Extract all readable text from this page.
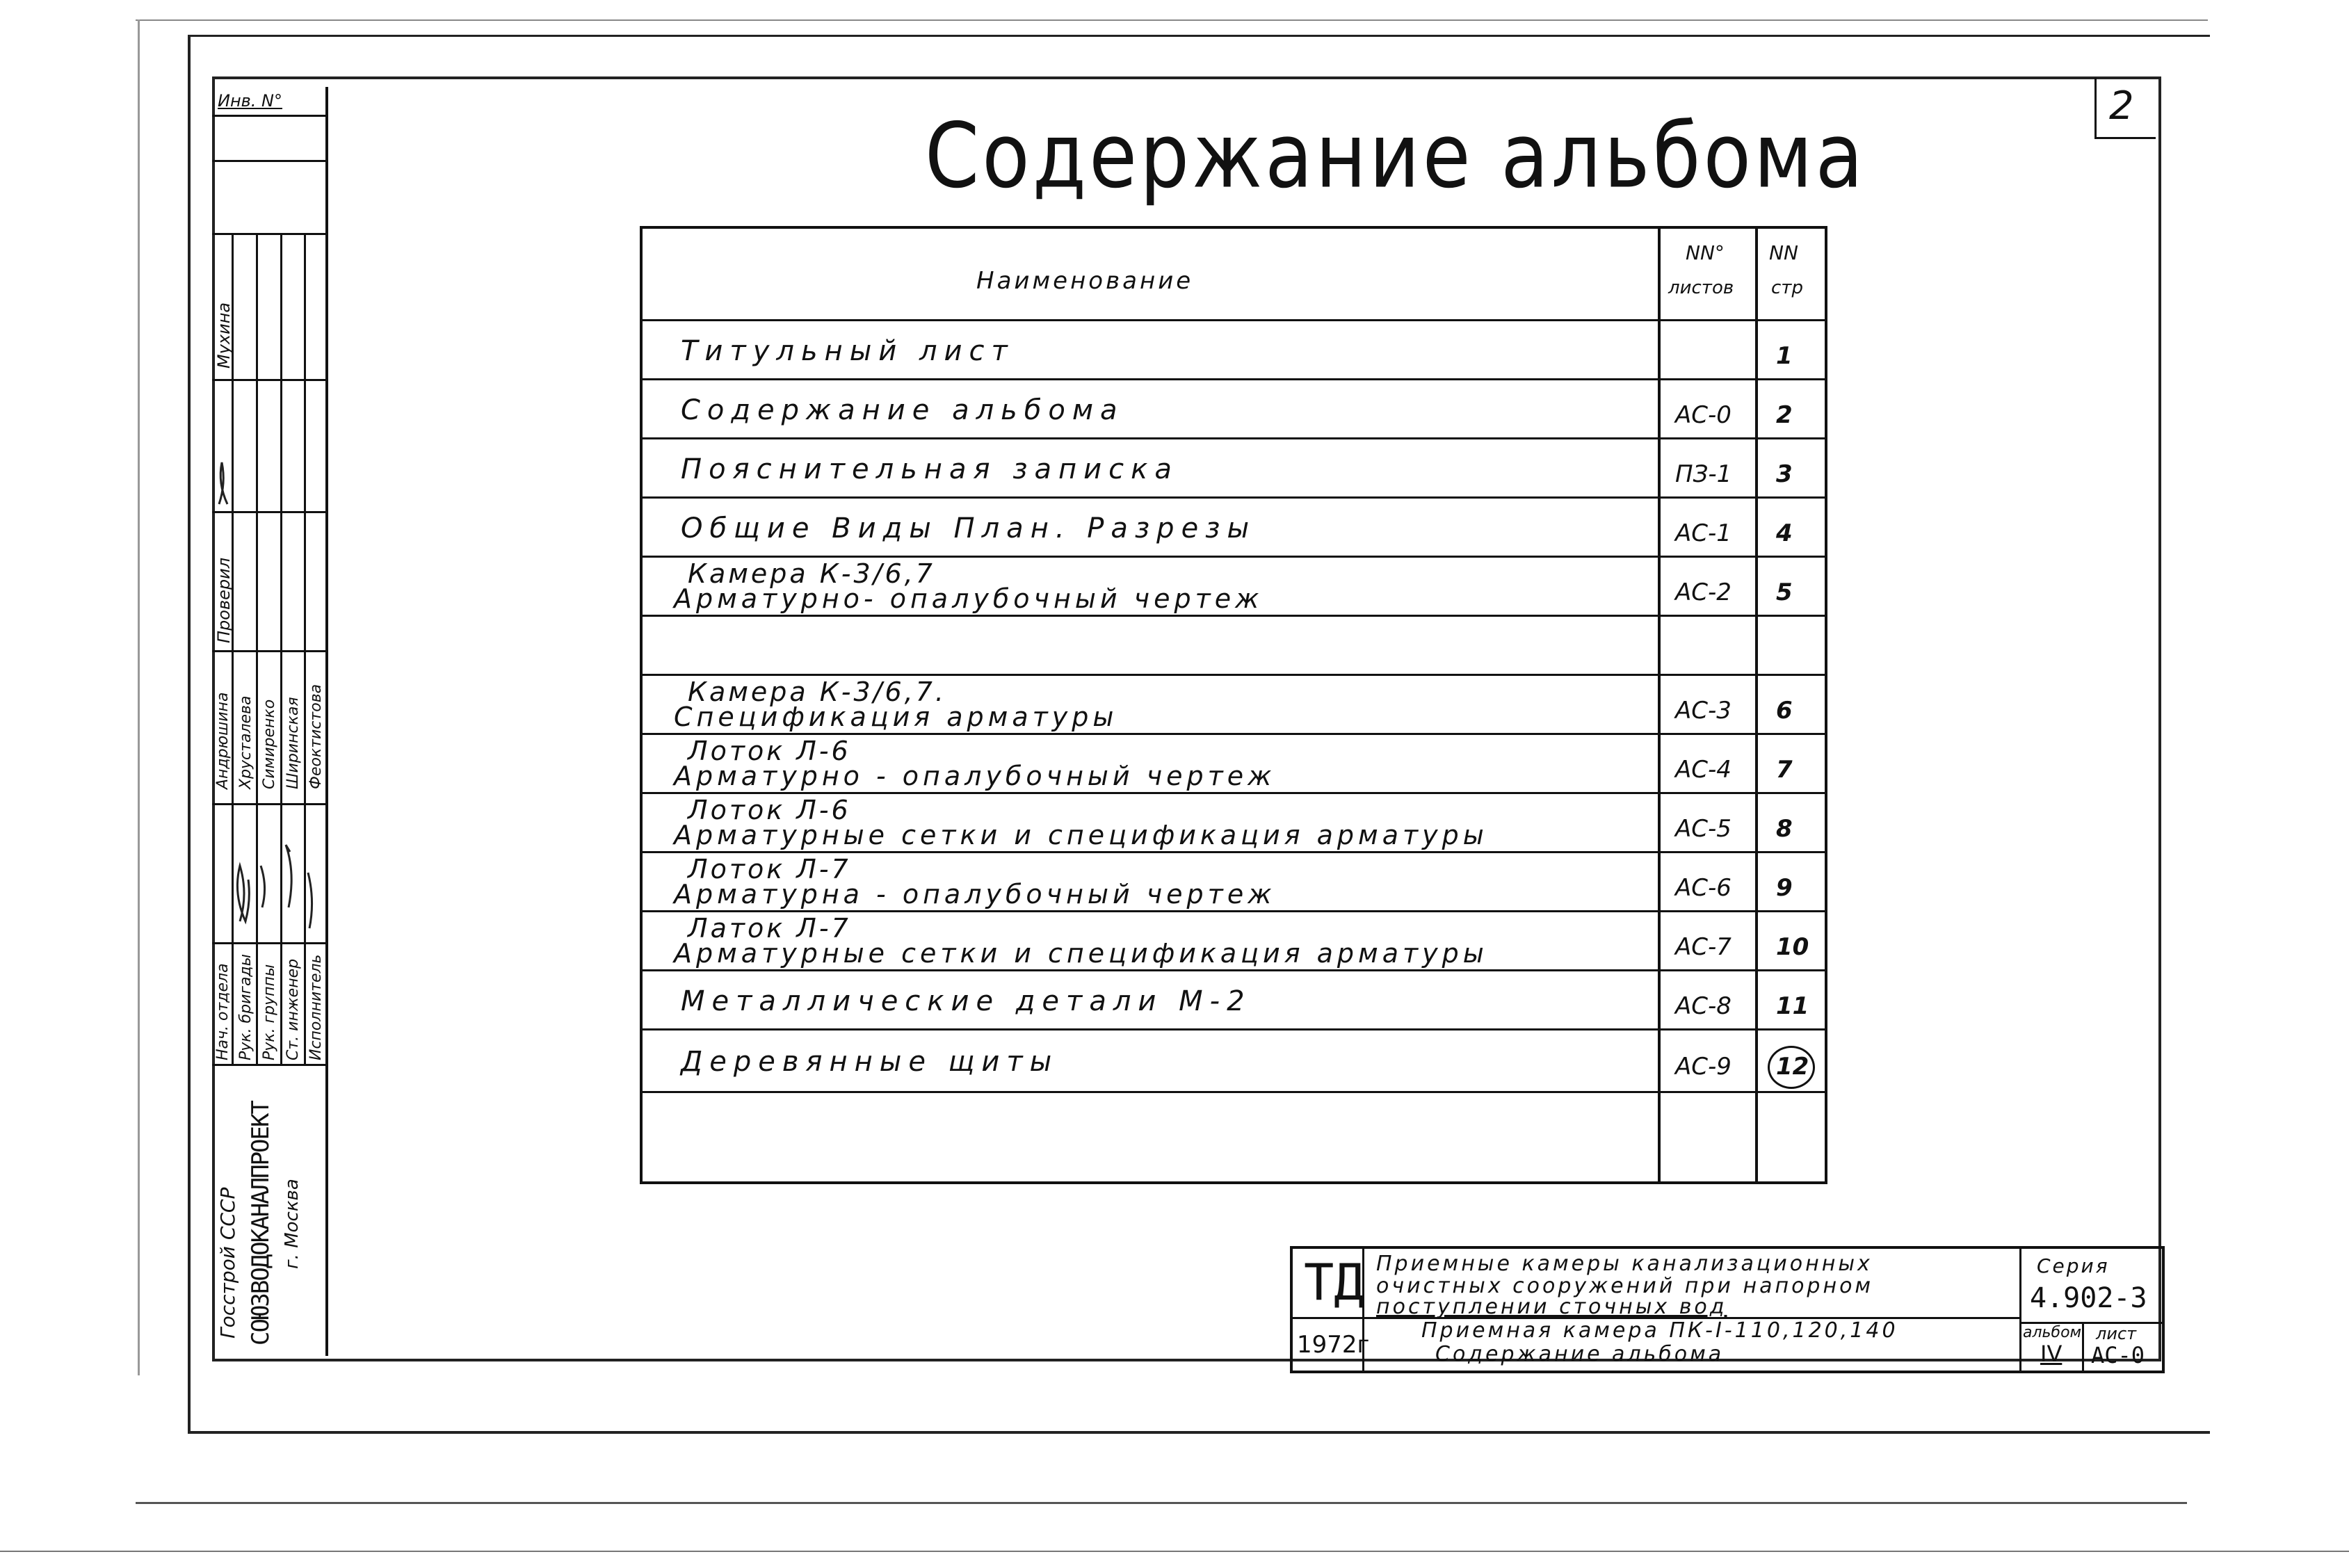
2
Инв. N°
Мухина
Проверил
Нач. отдела Рук. бригады Рук. группы Ст. инженер Исполнитель
Андрюшина Хрусталева Симиренко Ширинская Феоктистова
Госстрой СССР СОЮЗВОДОКАНАЛПРОЕКТ г. Москва
Содержание альбома
Наименование
NN°
листов
NN
стр
Титульный лист	1
Содержание альбома	АС-0 2
Пояснительная записка	ПЗ-1 3
Общие Виды План. Разрезы	АС-1 4
Камера К-3/6,7
Арматурно- опалубочный чертеж	АС-2 5
Камера К-3/6,7.
Спецификация арматуры	АС-3 6
Лоток Л-6
Арматурно - опалубочный чертеж	АС-4 7
Лоток Л-6
Арматурные сетки и спецификация арматуры	АС-5 8
Лоток Л-7
Арматурна - опалубочный чертеж	АС-6 9
Латок Л-7
Арматурные сетки и спецификация арматуры	АС-7 10
Металлические детали М-2	АС-8 11
Деревянные щиты	АС-9 12
ТД
1972г
Приемные камеры канализационных
очистных сооружений при напорном
поступлении сточных вод
Приемная камера ПК-I-110,120,140
Содержание альбома
Серия
4.902-3
альбом
IV
лист
АС-0
